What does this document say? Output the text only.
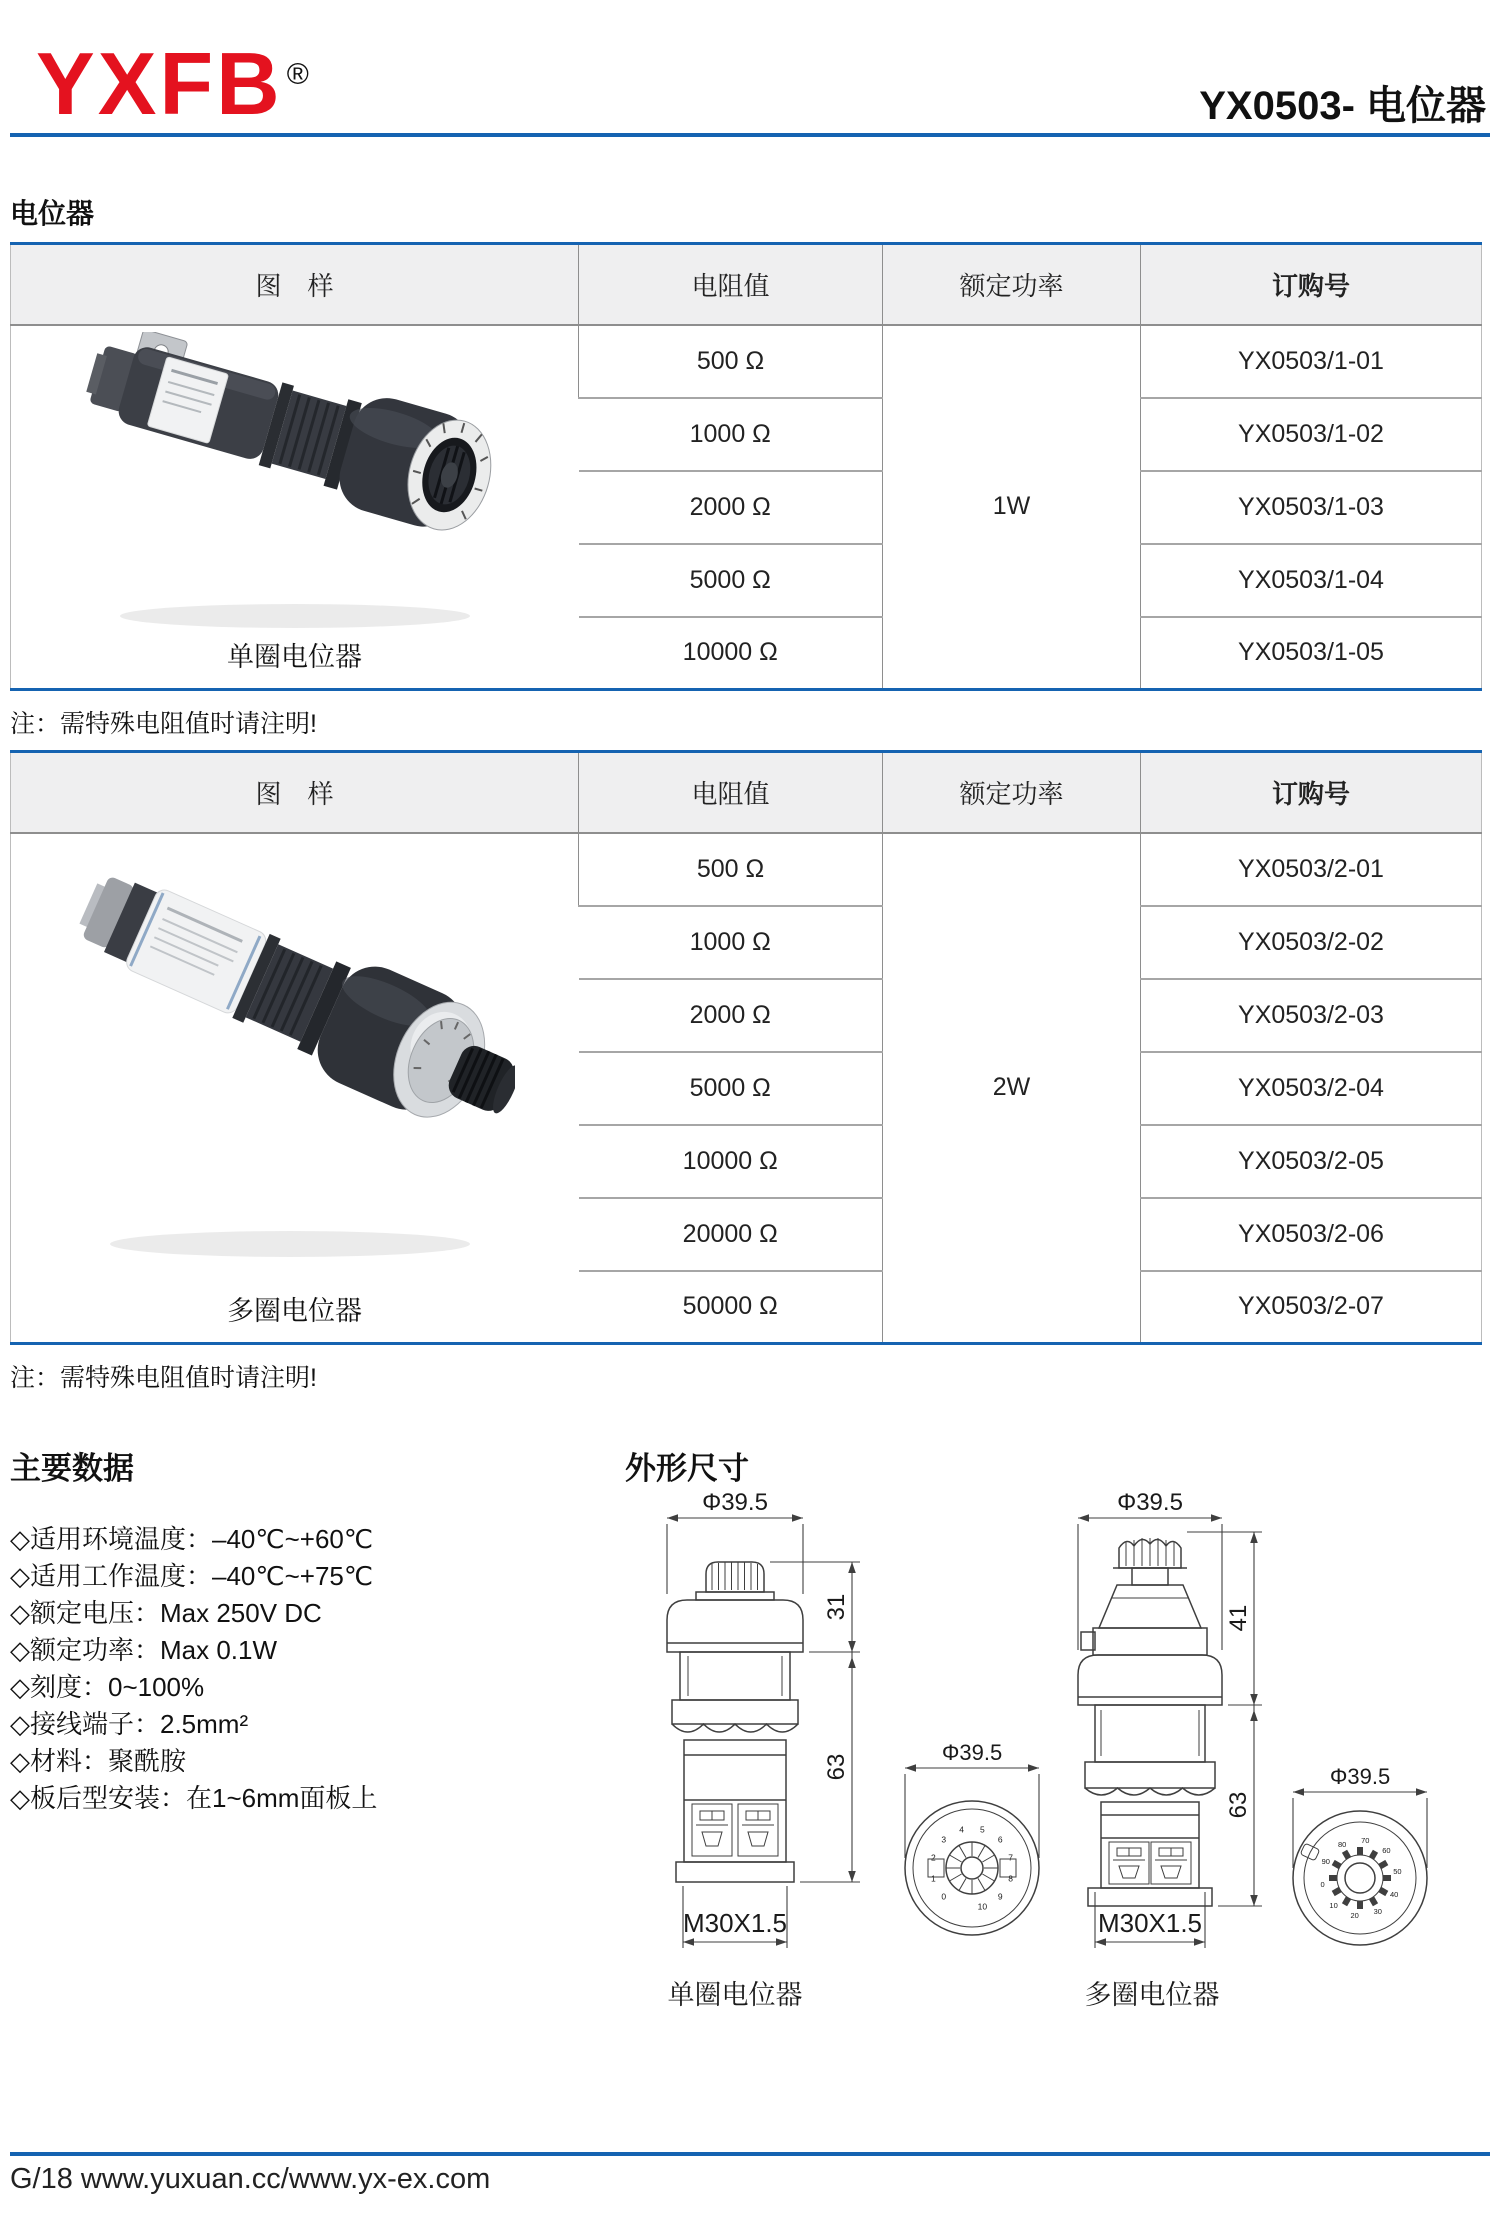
YXFB ®
YX0503- 电位器
电位器
图　样	电阻值	额定功率	订购号

单圈电位器	500 Ω	1W	YX0503/1-01
	1000 Ω		YX0503/1-02
	2000 Ω		YX0503/1-03
	5000 Ω		YX0503/1-04
	10000 Ω		YX0503/1-05
注：需特殊电阻值时请注明!
图　样	电阻值	额定功率	订购号

多圈电位器	500 Ω	2W	YX0503/2-01
	1000 Ω		YX0503/2-02
	2000 Ω		YX0503/2-03
	5000 Ω		YX0503/2-04
	10000 Ω		YX0503/2-05
	20000 Ω		YX0503/2-06
	50000 Ω		YX0503/2-07
注：需特殊电阻值时请注明!
主要数据	外形尺寸
◇适用环境温度：–40℃~+60℃
◇适用工作温度：–40℃~+75℃
◇额定电压：Max 250V DC
◇额定功率：Max 0.1W
◇刻度：0~100%
◇接线端子：2.5mm²
◇材料：聚酰胺
◇板后型安装：在1~6mm面板上
Φ39.5
31
63
M30X1.5
单圈电位器
0
1
2
3
4 5
6
7
8
9
10
Φ39.5
Φ39.5
41
63
M30X1.5
多圈电位器
0
10
20 30
40
50
60
70
80
90
Φ39.5
G/18 www.yuxuan.cc/www.yx-ex.com
